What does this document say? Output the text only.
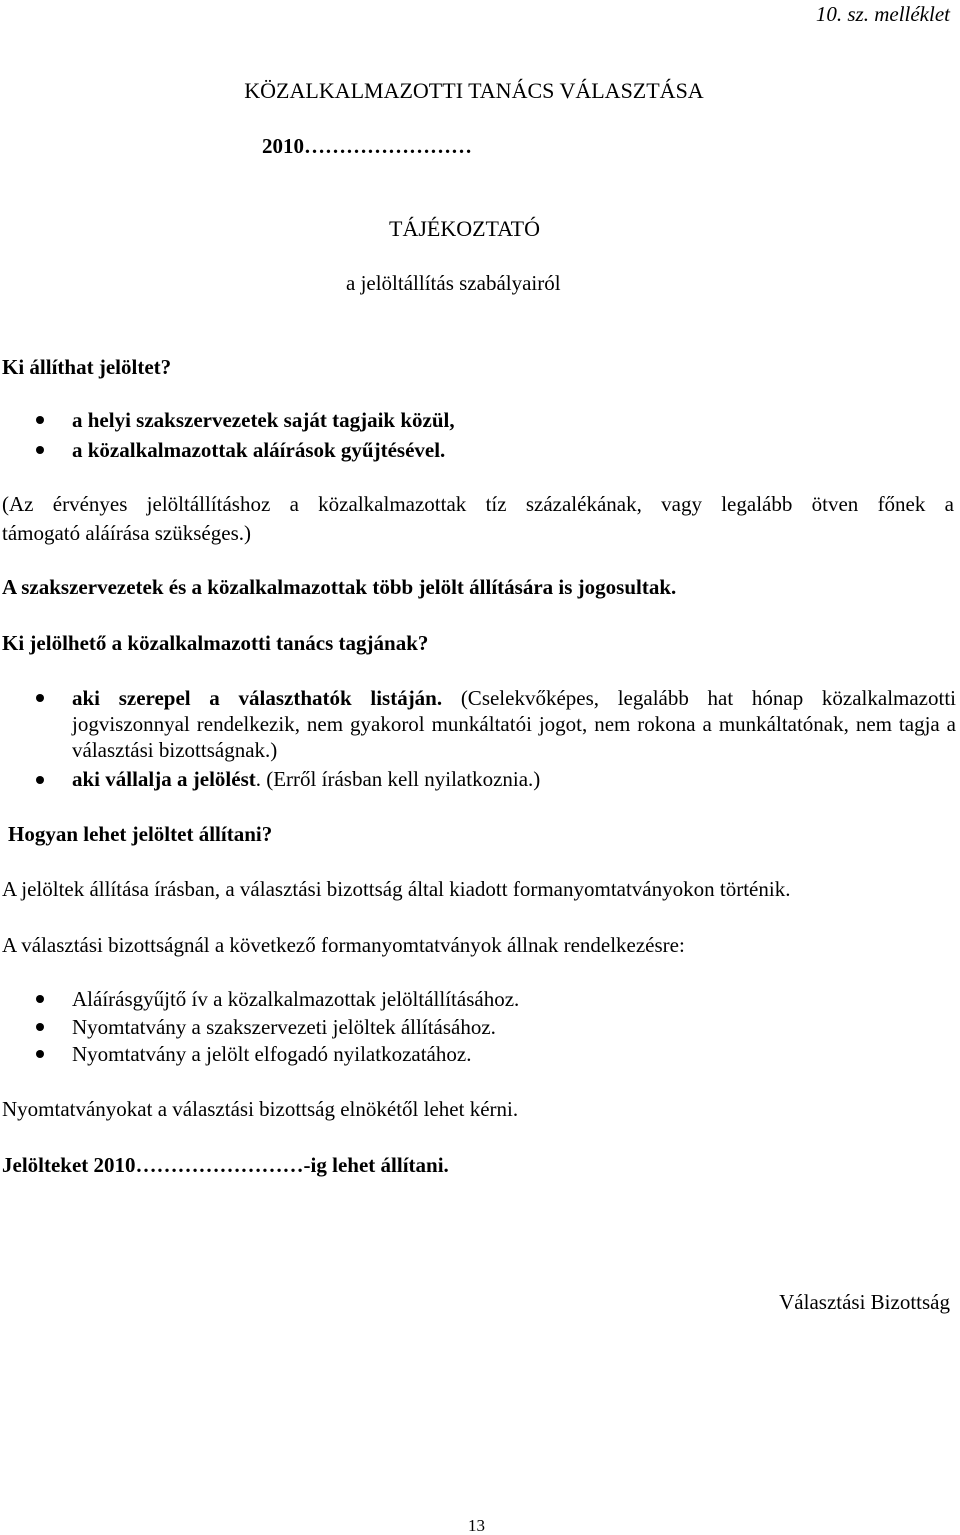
10. sz. melléklet
KÖZALKALMAZOTTI TANÁCS VÁLASZTÁSA
2010……………………
TÁJÉKOZTATÓ
a jelöltállítás szabályairól
Ki állíthat jelöltet?
a helyi szakszervezetek saját tagjaik közül,
a közalkalmazottak aláírások gyűjtésével.
(Az érvényes jelöltállításhoz a közalkalmazottak tíz százalékának, vagy legalább ötven főnek a
támogató aláírása szükséges.)
A szakszervezetek és a közalkalmazottak több jelölt állítására is jogosultak.
Ki jelölhető a közalkalmazotti tanács tagjának?
aki szerepel a választhatók listáján. (Cselekvőképes, legalább hat hónap közalkalmazotti jogviszonnyal rendelkezik, nem gyakorol munkáltatói jogot, nem rokona a munkáltatónak, nem tagja a választási bizottságnak.)
aki vállalja a jelölést. (Erről írásban kell nyilatkoznia.)
Hogyan lehet jelöltet állítani?
A jelöltek állítása írásban, a választási bizottság által kiadott formanyomtatványokon történik.
A választási bizottságnál a következő formanyomtatványok állnak rendelkezésre:
Aláírásgyűjtő ív a közalkalmazottak jelöltállításához.
Nyomtatvány a szakszervezeti jelöltek állításához.
Nyomtatvány a jelölt elfogadó nyilatkozatához.
Nyomtatványokat a választási bizottság elnökétől lehet kérni.
Jelölteket 2010……………………-ig lehet állítani.
Választási Bizottság
13
